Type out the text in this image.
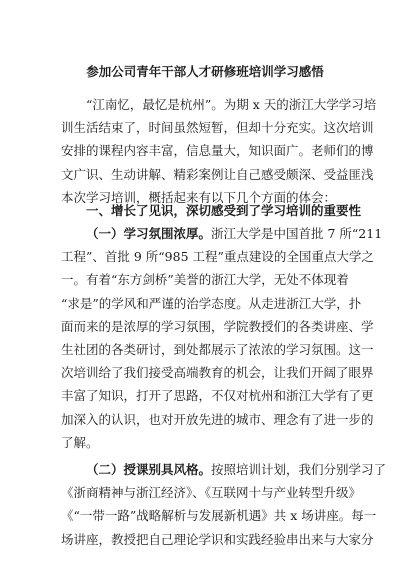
参加公司青年干部人才研修班培训学习感悟
“江南忆，最忆是杭州”。为期 x 天的浙江大学学习培
训生活结束了，时间虽然短暂，但却十分充实。这次培训
安排的课程内容丰富，信息量大，知识面广。老师们的博
文广识、生动讲解、精彩案例让自己感受颇深、受益匪浅
本次学习培训，概括起来有以下几个方面的体会：
一、增长了见识，深切感受到了学习培训的重要性
（一）学习氛围浓厚。浙江大学是中国首批 7 所“211
工程”、首批 9 所“985 工程”重点建设的全国重点大学之
一。有着“东方剑桥”美誉的浙江大学，无处不体现着
“求是”的学风和严谨的治学态度。从走进浙江大学，扑
面而来的是浓厚的学习氛围，学院教授们的各类讲座、学
生社团的各类研讨，到处都展示了浓浓的学习氛围。这一
次培训给了我们接受高端教育的机会，让我们开阔了眼界
丰富了知识，打开了思路，不仅对杭州和浙江大学有了更
加深入的认识，也对开放先进的城市、理念有了进一步的
了解。
（二）授课别具风格。按照培训计划，我们分别学习了
《浙商精神与浙江经济》、《互联网十与产业转型升级》
《“一带一路”战略解析与发展新机遇》共 x 场讲座。每一
场讲座，教授把自己理论学识和实践经验串出来与大家分
